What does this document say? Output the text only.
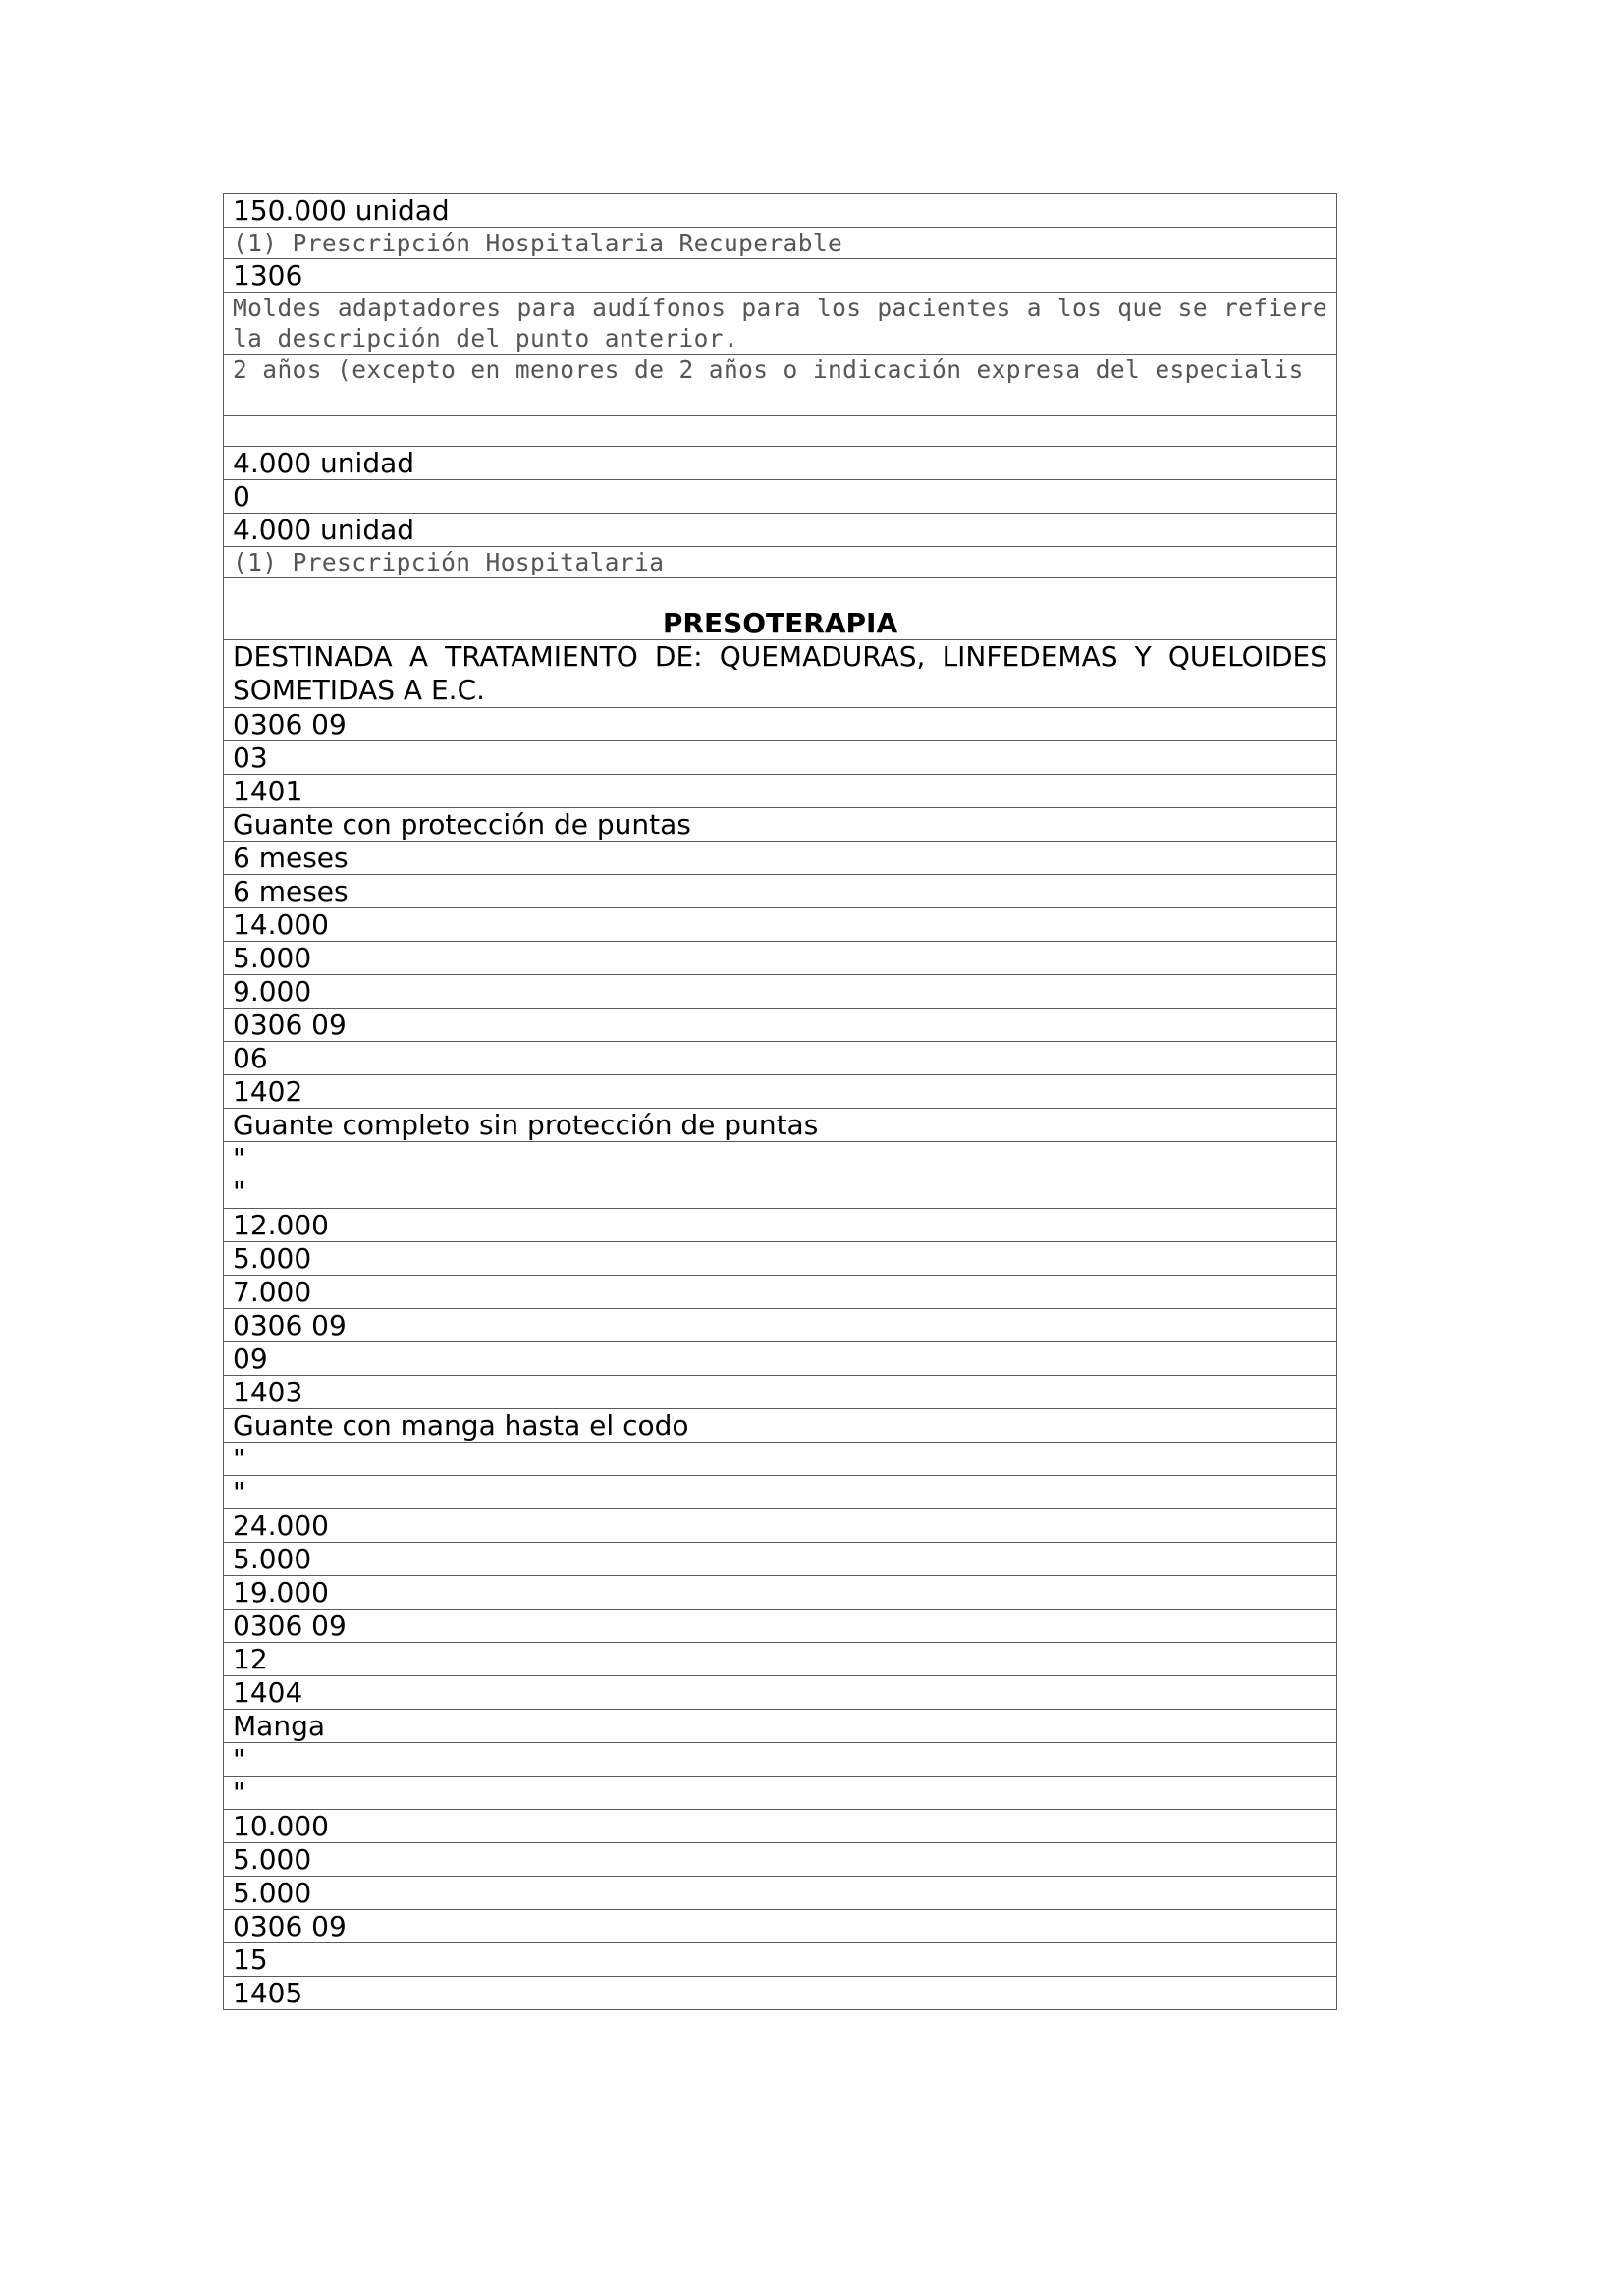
150.000 unidad
(1) Prescripción Hospitalaria Recuperable
1306
Moldes adaptadores para audífonos para los pacientes a los que se refiere la descripción del punto anterior.
2 años (excepto en menores de 2 años o indicación expresa del especialis

4.000 unidad
0
4.000 unidad
(1) Prescripción Hospitalaria
PRESOTERAPIA
DESTINADA A TRATAMIENTO DE: QUEMADURAS, LINFEDEMAS Y QUELOIDES SOMETIDAS A E.C.
0306 09
03
1401
Guante con protección de puntas
6 meses
6 meses
14.000
5.000
9.000
0306 09
06
1402
Guante completo sin protección de puntas
"
"
12.000
5.000
7.000
0306 09
09
1403
Guante con manga hasta el codo
"
"
24.000
5.000
19.000
0306 09
12
1404
Manga
"
"
10.000
5.000
5.000
0306 09
15
1405
